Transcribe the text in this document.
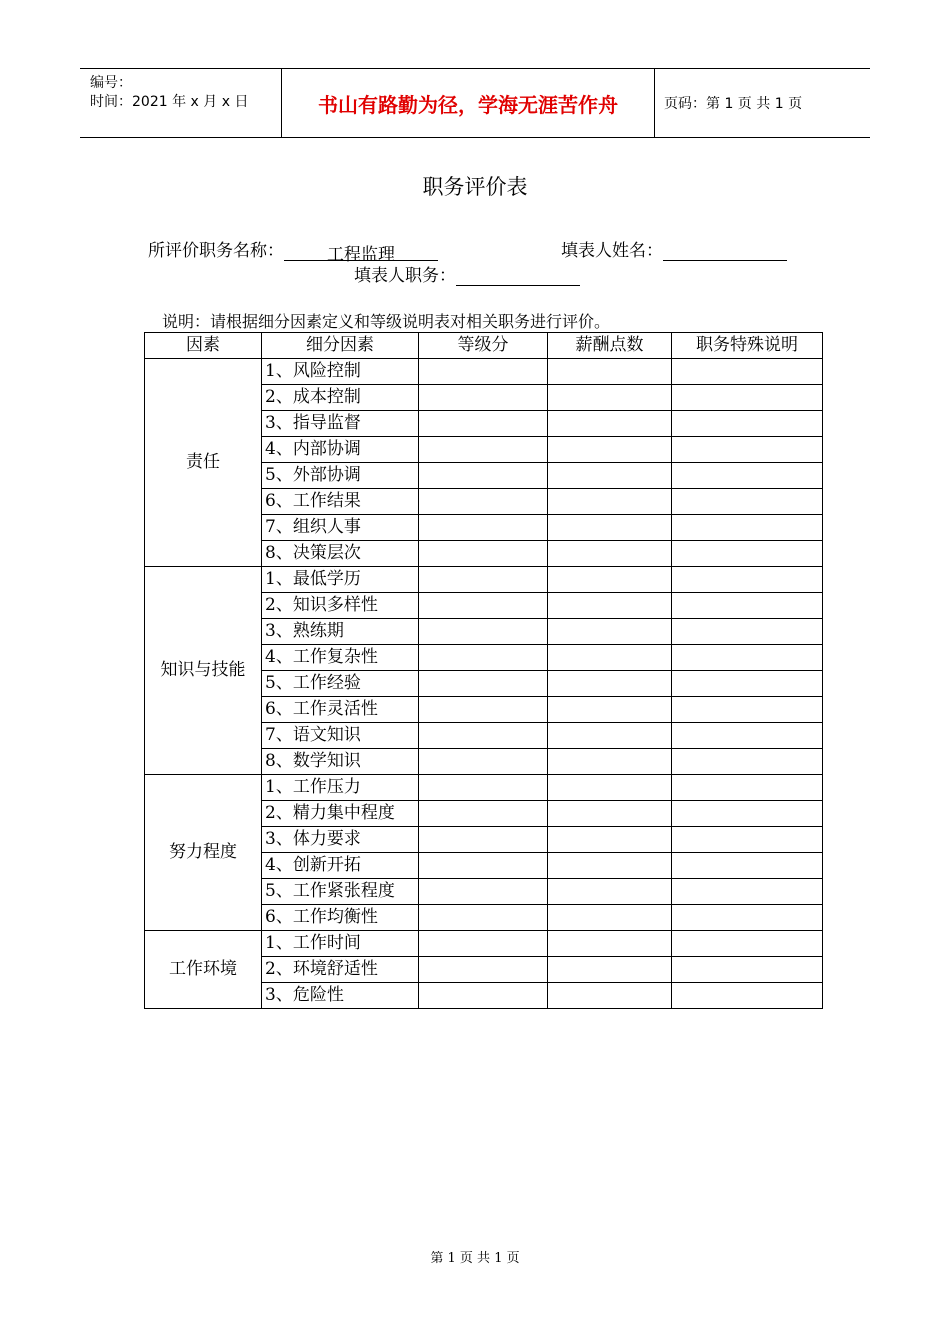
编号：
时间：2021 年 x 月 x 日	书山有路勤为径，学海无涯苦作舟	页码：第 1 页 共 1 页
职务评价表
所评价职务名称：	工程监理	填表人姓名：
填表人职务：
说明：请根据细分因素定义和等级说明表对相关职务进行评价。
因素	细分因素	等级分	薪酬点数	职务特殊说明
责任	1、风险控制			
	2、成本控制			
	3、指导监督			
	4、内部协调			
	5、外部协调			
	6、工作结果			
	7、组织人事			
	8、决策层次			
知识与技能	1、最低学历			
	2、知识多样性			
	3、熟练期			
	4、工作复杂性			
	5、工作经验			
	6、工作灵活性			
	7、语文知识			
	8、数学知识			
努力程度	1、工作压力			
	2、精力集中程度			
	3、体力要求			
	4、创新开拓			
	5、工作紧张程度			
	6、工作均衡性			
工作环境	1、工作时间			
	2、环境舒适性			
	3、危险性			
第 1 页 共 1 页
